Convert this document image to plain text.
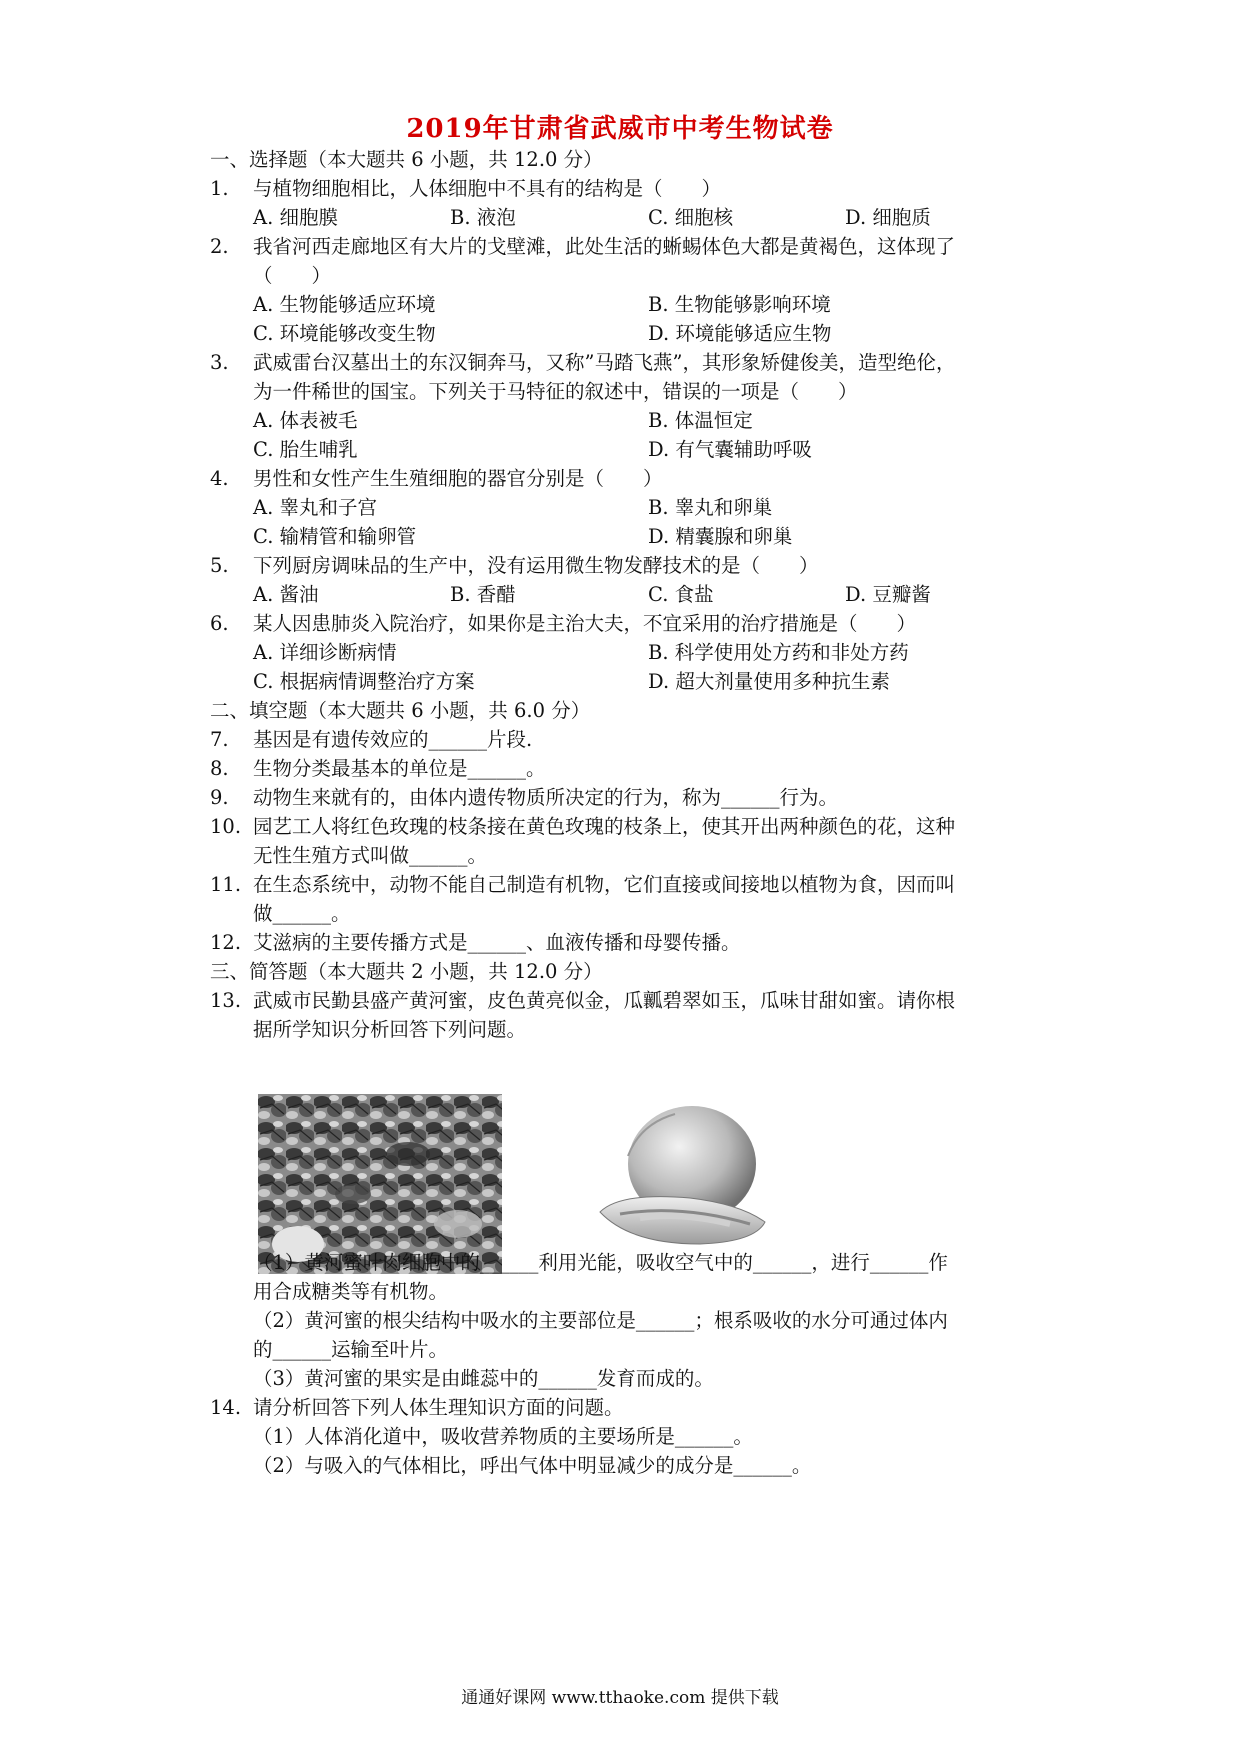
2019年甘肃省武威市中考生物试卷
一、选择题（本大题共 6 小题，共 12.0 分）
1. 与植物细胞相比，人体细胞中不具有的结构是（　　）
A. 细胞膜	B. 液泡	C. 细胞核	D. 细胞质
2. 我省河西走廊地区有大片的戈壁滩，此处生活的蜥蜴体色大都是黄褐色，这体现了
（　　）
A. 生物能够适应环境	B. 生物能够影响环境
C. 环境能够改变生物	D. 环境能够适应生物
3. 武威雷台汉墓出土的东汉铜奔马，又称”马踏飞燕”，其形象矫健俊美，造型绝伦，
为一件稀世的国宝。下列关于马特征的叙述中，错误的一项是（　　）
A. 体表被毛	B. 体温恒定
C. 胎生哺乳	D. 有气囊辅助呼吸
4. 男性和女性产生生殖细胞的器官分别是（　　）
A. 睾丸和子宫	B. 睾丸和卵巢
C. 输精管和输卵管	D. 精囊腺和卵巢
5. 下列厨房调味品的生产中，没有运用微生物发酵技术的是（　　）
A. 酱油	B. 香醋	C. 食盐	D. 豆瓣酱
6. 某人因患肺炎入院治疗，如果你是主治大夫，不宜采用的治疗措施是（　　）
A. 详细诊断病情	B. 科学使用处方药和非处方药
C. 根据病情调整治疗方案	D. 超大剂量使用多种抗生素
二、填空题（本大题共 6 小题，共 6.0 分）
7. 基因是有遗传效应的______片段.
8. 生物分类最基本的单位是______。
9. 动物生来就有的，由体内遗传物质所决定的行为，称为______行为。
10. 园艺工人将红色玫瑰的枝条接在黄色玫瑰的枝条上，使其开出两种颜色的花，这种
无性生殖方式叫做______。
11. 在生态系统中，动物不能自己制造有机物，它们直接或间接地以植物为食，因而叫
做______。
12. 艾滋病的主要传播方式是______、血液传播和母婴传播。
三、简答题（本大题共 2 小题，共 12.0 分）
13. 武威市民勤县盛产黄河蜜，皮色黄亮似金，瓜瓤碧翠如玉，瓜味甘甜如蜜。请你根
据所学知识分析回答下列问题。
（1）黄河蜜叶肉细胞中的______利用光能，吸收空气中的______，进行______作
用合成糖类等有机物。
（2）黄河蜜的根尖结构中吸水的主要部位是______；根系吸收的水分可通过体内
的______运输至叶片。
（3）黄河蜜的果实是由雌蕊中的______发育而成的。
14. 请分析回答下列人体生理知识方面的问题。
（1）人体消化道中，吸收营养物质的主要场所是______。
（2）与吸入的气体相比，呼出气体中明显减少的成分是______。
通通好课网 www.tthaoke.com 提供下载
